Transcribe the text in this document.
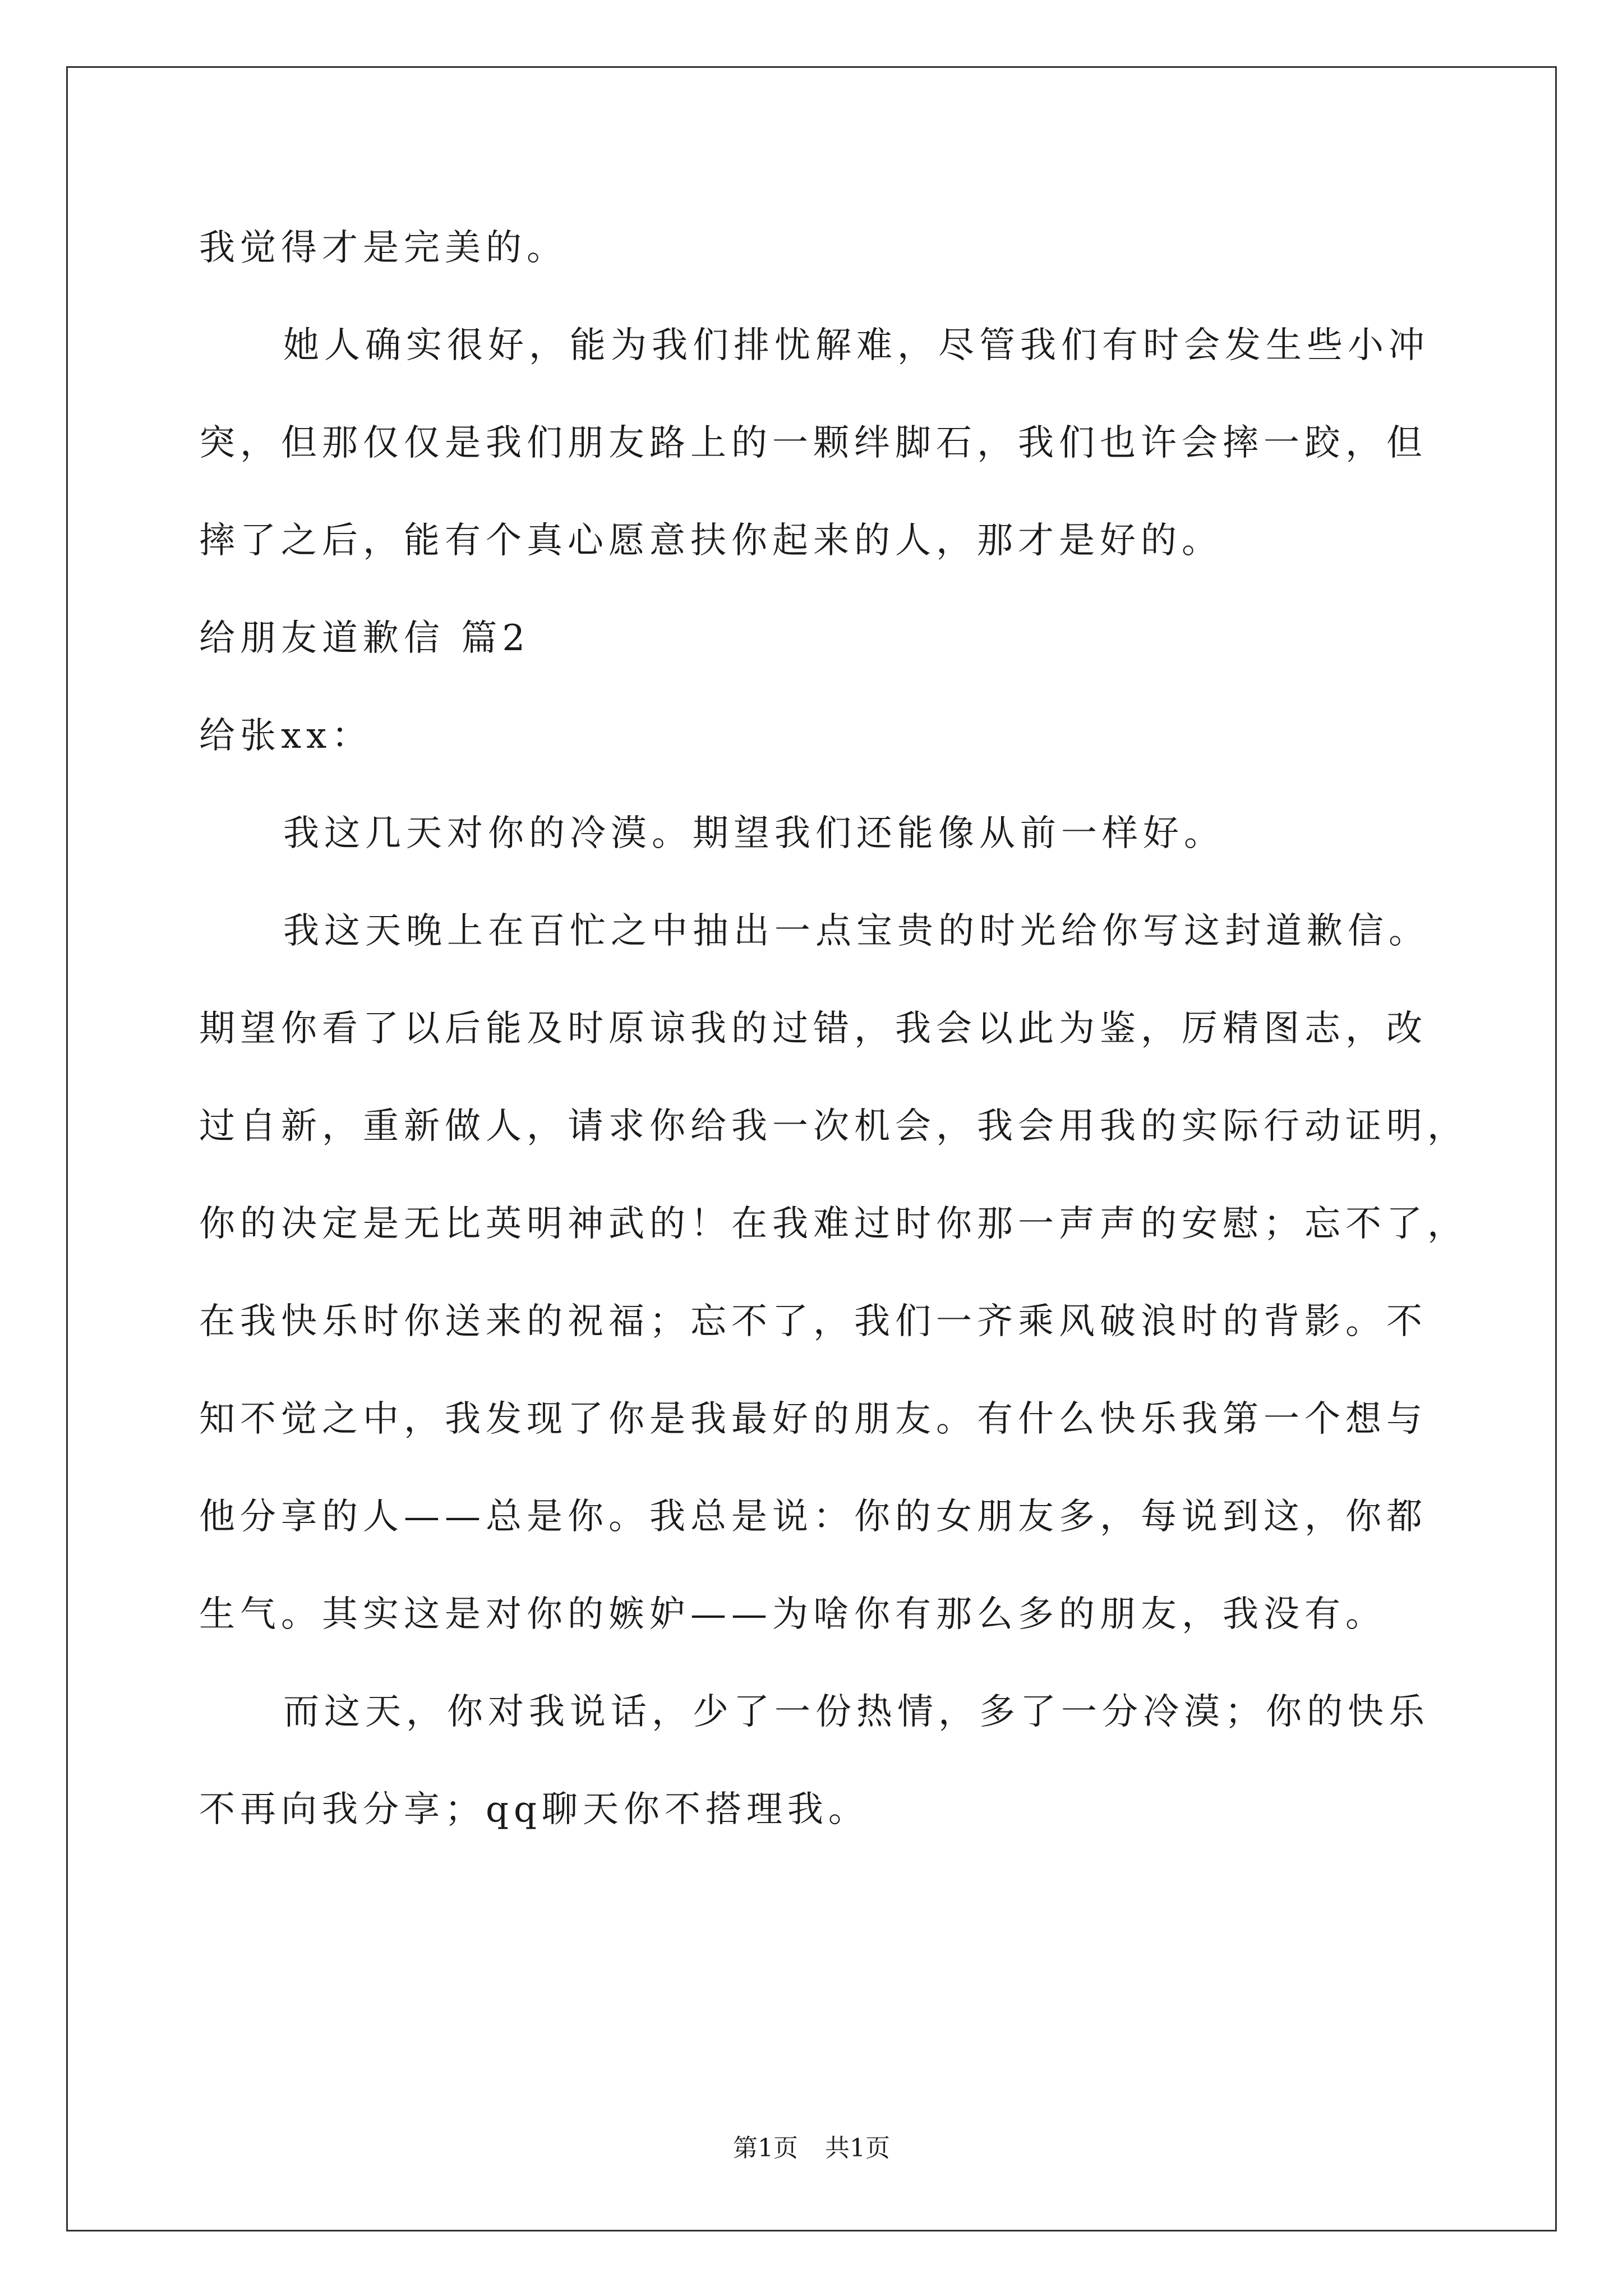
我觉得才是完美的。
她人确实很好，能为我们排忧解难，尽管我们有时会发生些小冲
突，但那仅仅是我们朋友路上的一颗绊脚石，我们也许会摔一跤，但
摔了之后，能有个真心愿意扶你起来的人，那才是好的。
给朋友道歉信 篇2
给张xx：
我这几天对你的冷漠。期望我们还能像从前一样好。
我这天晚上在百忙之中抽出一点宝贵的时光给你写这封道歉信。
期望你看了以后能及时原谅我的过错，我会以此为鉴，厉精图志，改
过自新，重新做人，请求你给我一次机会，我会用我的实际行动证明，
你的决定是无比英明神武的！在我难过时你那一声声的安慰；忘不了，
在我快乐时你送来的祝福；忘不了，我们一齐乘风破浪时的背影。不
知不觉之中，我发现了你是我最好的朋友。有什么快乐我第一个想与
他分享的人——总是你。我总是说：你的女朋友多，每说到这，你都
生气。其实这是对你的嫉妒——为啥你有那么多的朋友，我没有。
而这天，你对我说话，少了一份热情，多了一分冷漠；你的快乐
不再向我分享；qq聊天你不搭理我。
第1页 共1页
